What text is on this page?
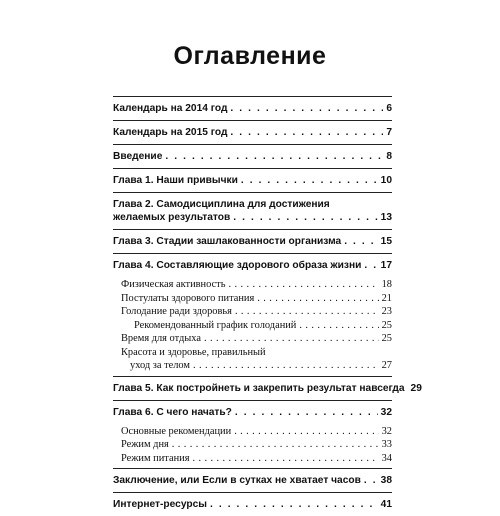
Оглавление
Календарь на 2014 год . . .	6
Календарь на 2015 год . . .	7
Введение . . .	8
Глава 1. Наши привычки . . .	10
Глава 2. Самодисциплина для достижения
желаемых результатов . . .	13
Глава 3. Стадии зашлакованности организма . . .	15
Глава 4. Составляющие здорового образа жизни . . . 17
Физическая активность . . .	18
Постулаты здорового питания . . .	21
Голодание ради здоровья . . .	23
Рекомендованный график голоданий . . .	25
Время для отдыха . . .	25
Красота и здоровье, правильный
уход за телом . . .	27
Глава 5. Как постройнеть и закрепить результат навсегда 29
Глава 6. С чего начать? . . .	32
Основные рекомендации . . .	32
Режим дня . . .	33
Режим питания . . .	34
Заключение, или Если в сутках не хватает часов . . . 38
Интернет-ресурсы . . .	41
